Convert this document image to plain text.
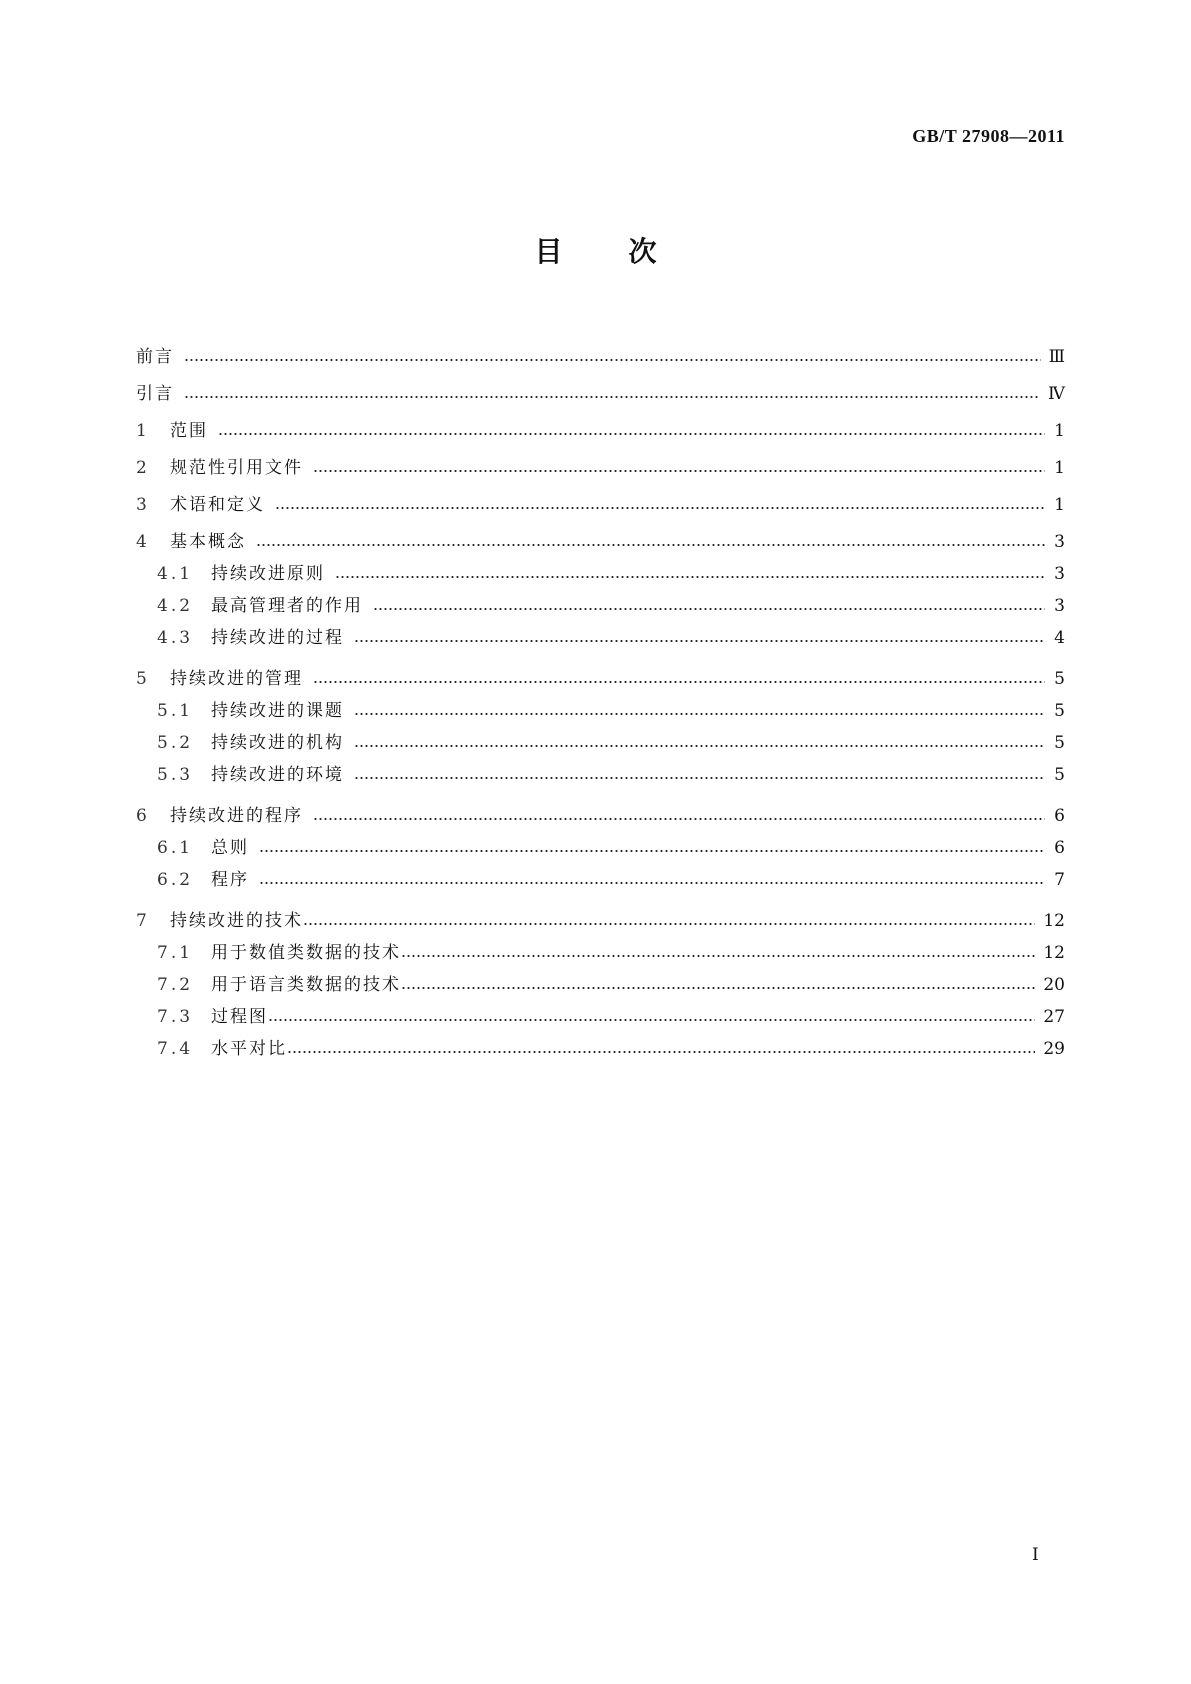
GB/T 27908—2011
目 次
前言	Ⅲ
引言	Ⅳ
1	范围	1
2	规范性引用文件	1
3	术语和定义	1
4	基本概念	3
4.1	持续改进原则	3
4.2	最高管理者的作用	3
4.3	持续改进的过程	4
5	持续改进的管理	5
5.1	持续改进的课题	5
5.2	持续改进的机构	5
5.3	持续改进的环境	5
6	持续改进的程序	6
6.1	总则	6
6.2	程序	7
7	持续改进的技术	12
7.1	用于数值类数据的技术	12
7.2	用于语言类数据的技术	20
7.3	过程图	27
7.4	水平对比	29
I
